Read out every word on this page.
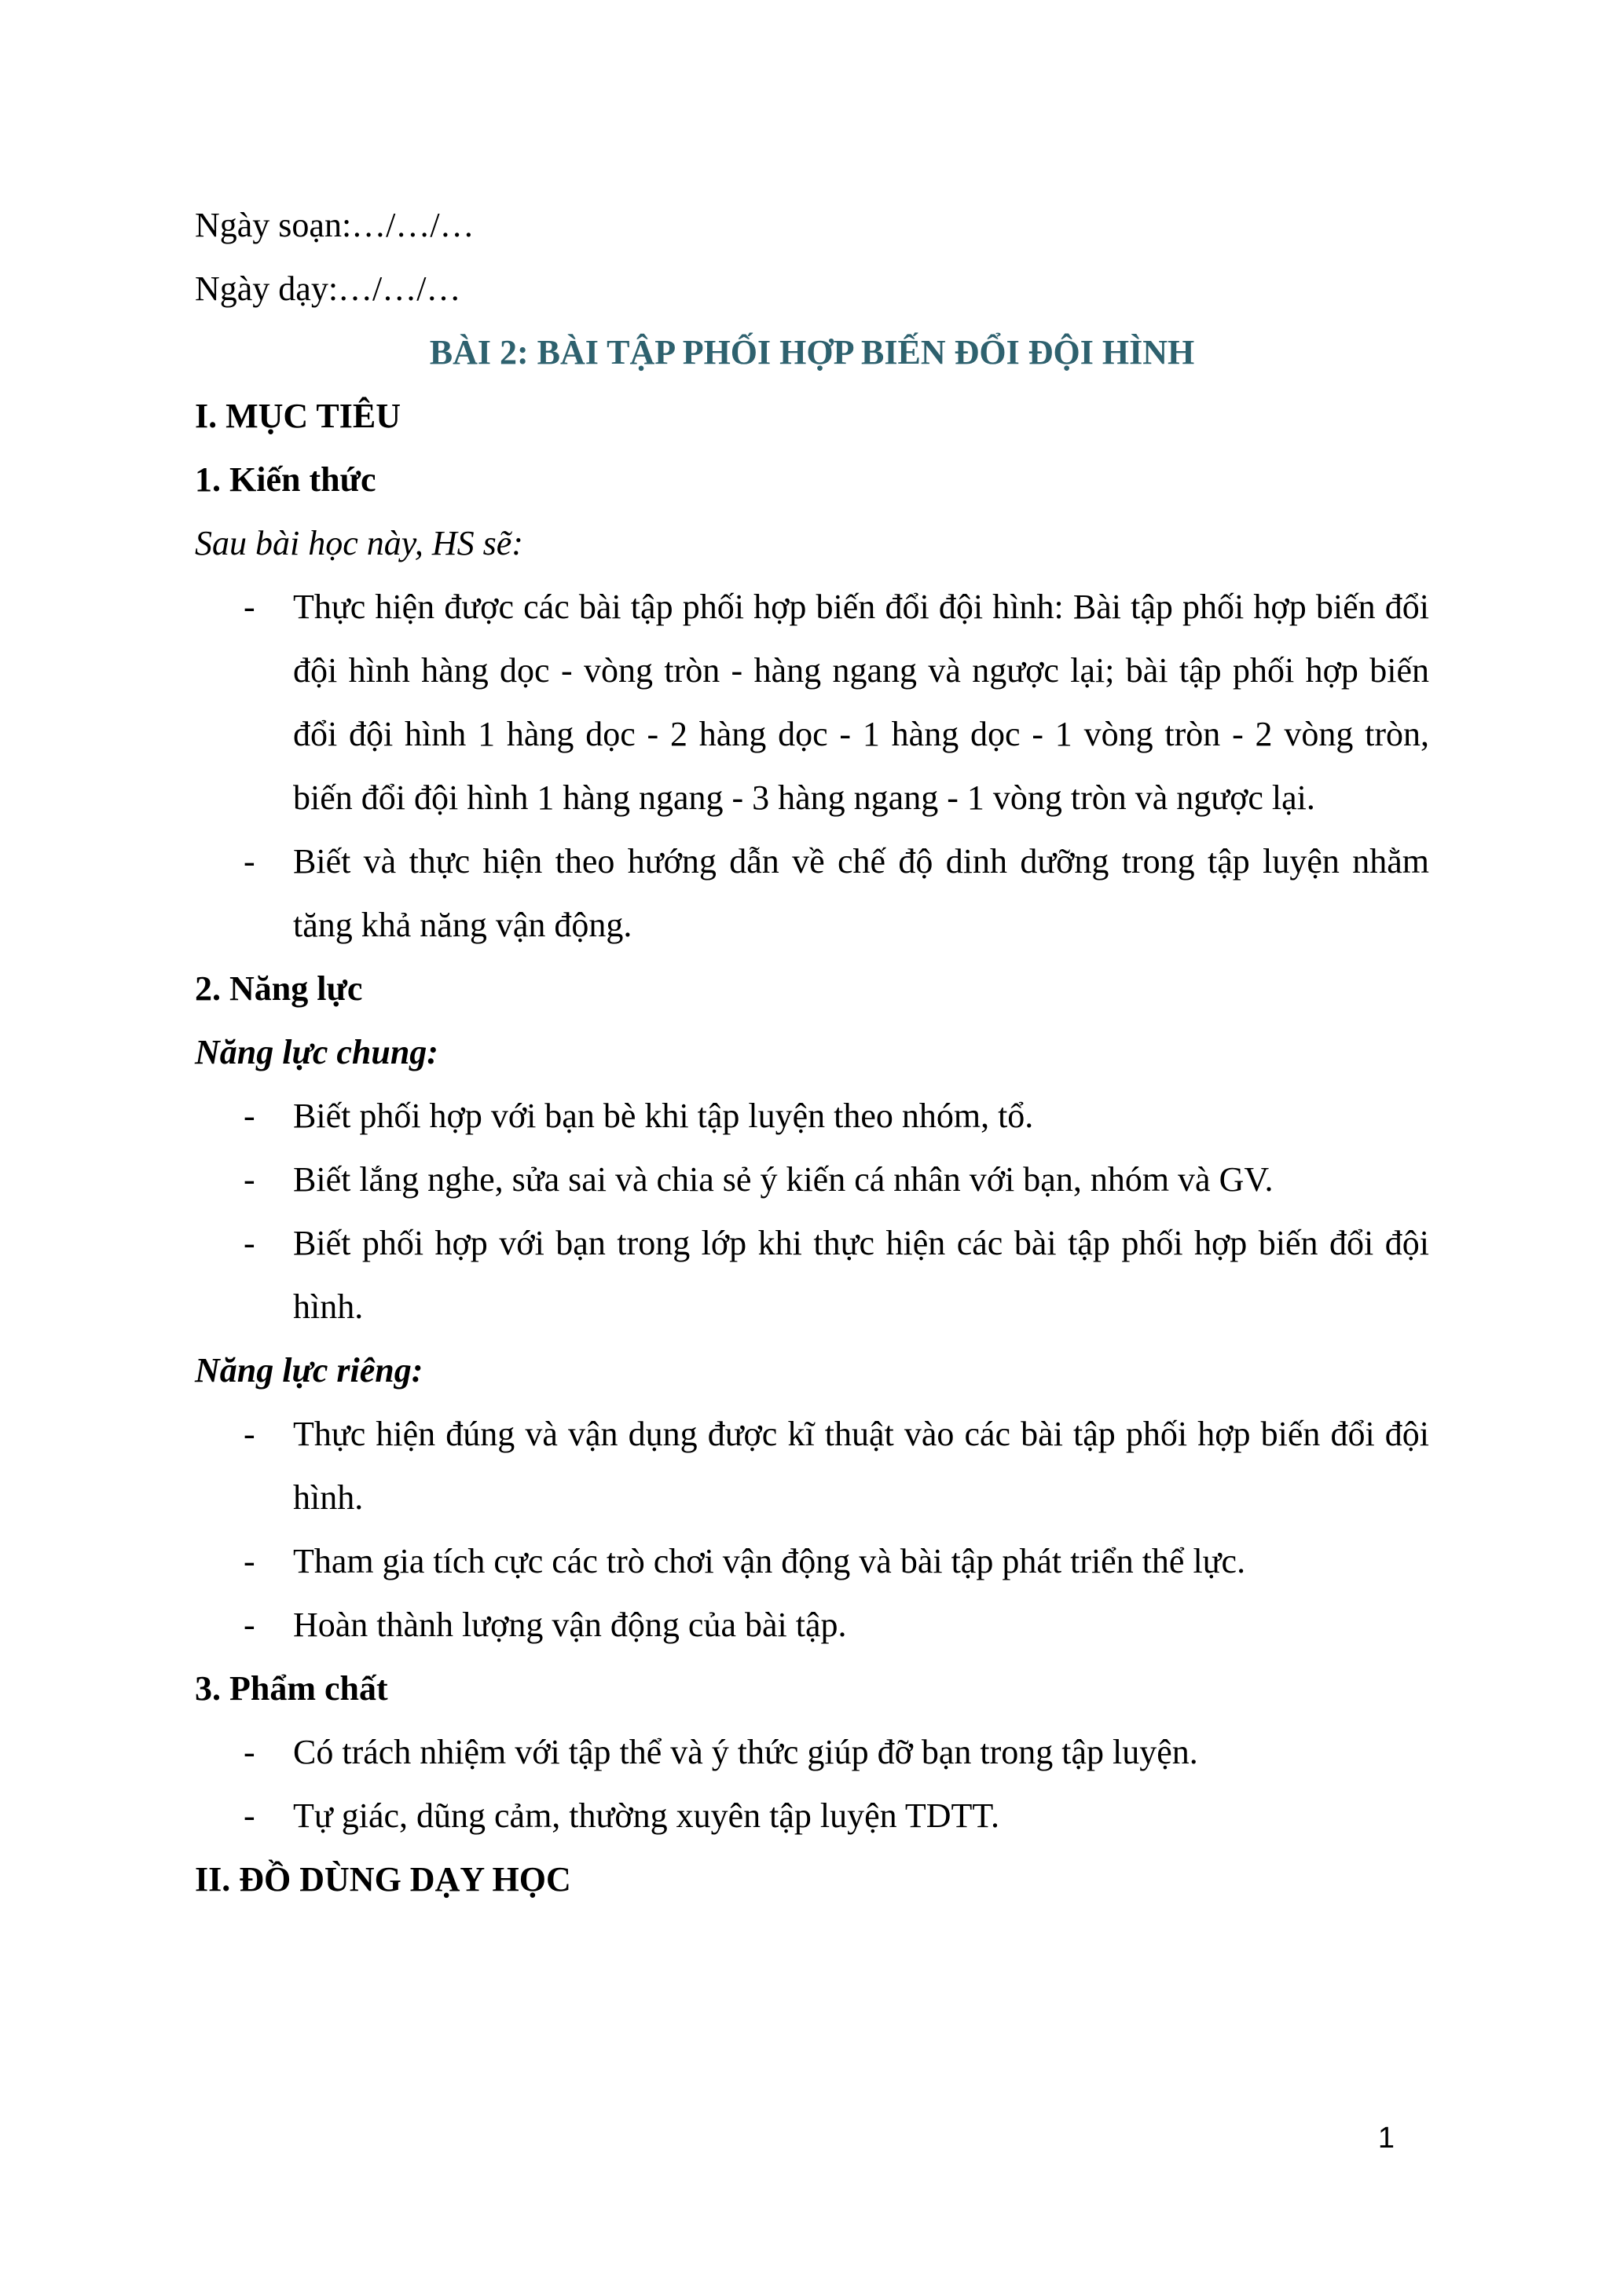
Ngày soạn:…/…/…

Ngày dạy:…/…/…

BÀI 2: BÀI TẬP PHỐI HỢP BIẾN ĐỔI ĐỘI HÌNH

I. MỤC TIÊU

1. Kiến thức

Sau bài học này, HS sẽ:

- Thực hiện được các bài tập phối hợp biến đổi đội hình: Bài tập phối hợp biến đổi đội hình hàng dọc - vòng tròn - hàng ngang và ngược lại; bài tập phối hợp biến đổi đội hình 1 hàng dọc - 2 hàng dọc - 1 hàng dọc - 1 vòng tròn - 2 vòng tròn, biến đổi đội hình 1 hàng ngang - 3 hàng ngang - 1 vòng tròn và ngược lại.

- Biết và thực hiện theo hướng dẫn về chế độ dinh dưỡng trong tập luyện nhằm tăng khả năng vận động.

2. Năng lực

Năng lực chung:

- Biết phối hợp với bạn bè khi tập luyện theo nhóm, tổ.

- Biết lắng nghe, sửa sai và chia sẻ ý kiến cá nhân với bạn, nhóm và GV.

- Biết phối hợp với bạn trong lớp khi thực hiện các bài tập phối hợp biến đổi đội hình.

Năng lực riêng:

- Thực hiện đúng và vận dụng được kĩ thuật vào các bài tập phối hợp biến đổi đội hình.

- Tham gia tích cực các trò chơi vận động và bài tập phát triển thể lực.

- Hoàn thành lượng vận động của bài tập.

3. Phẩm chất

- Có trách nhiệm với tập thể và ý thức giúp đỡ bạn trong tập luyện.

- Tự giác, dũng cảm, thường xuyên tập luyện TDTT.

II. ĐỒ DÙNG DẠY HỌC

1
